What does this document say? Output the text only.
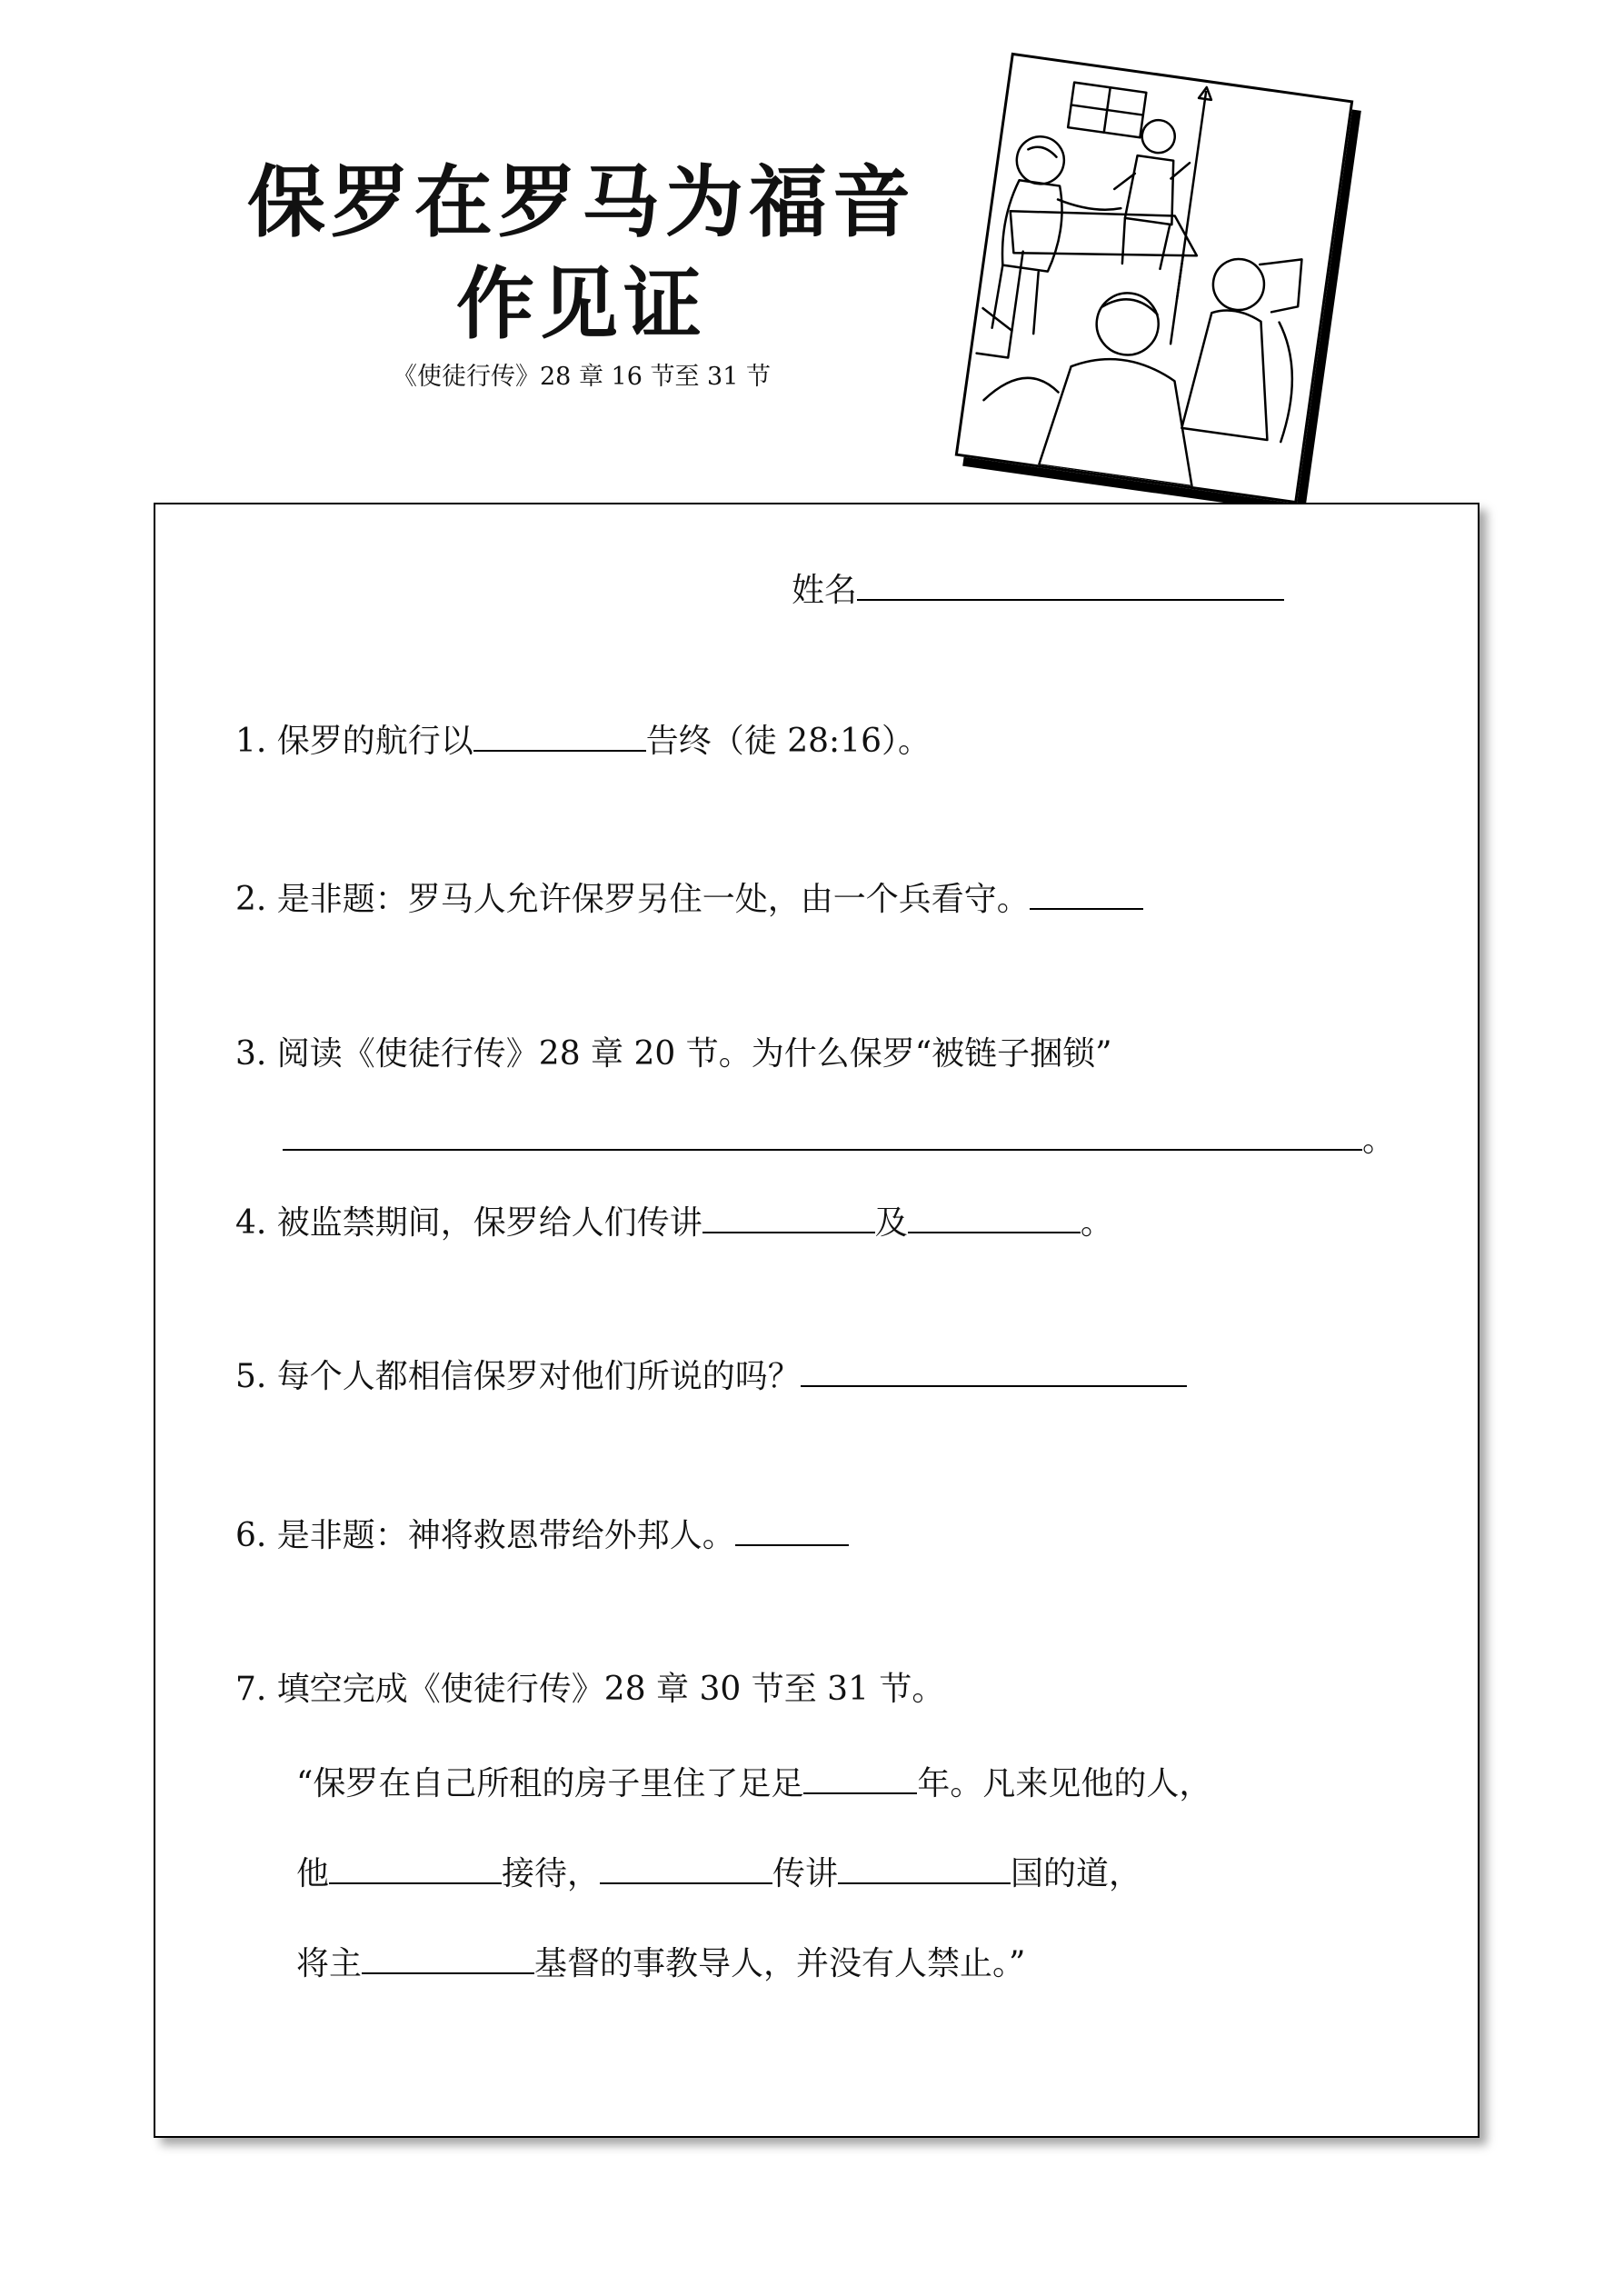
保罗在罗马为福音
作见证
《使徒行传》28 章 16 节至 31 节
姓名
1. 保罗的航行以	告终（徒 28:16）。
2. 是非题：罗马人允许保罗另住一处，由一个兵看守。
3. 阅读《使徒行传》28 章 20 节。为什么保罗“被链子捆锁”
。
4. 被监禁期间，保罗给人们传讲	及	。
5. 每个人都相信保罗对他们所说的吗？
6. 是非题：神将救恩带给外邦人。
7. 填空完成《使徒行传》28 章 30 节至 31 节。
“保罗在自己所租的房子里住了足足	年。凡来见他的人，
他	接待，	传讲	国的道，
将主	基督的事教导人，并没有人禁止。”
